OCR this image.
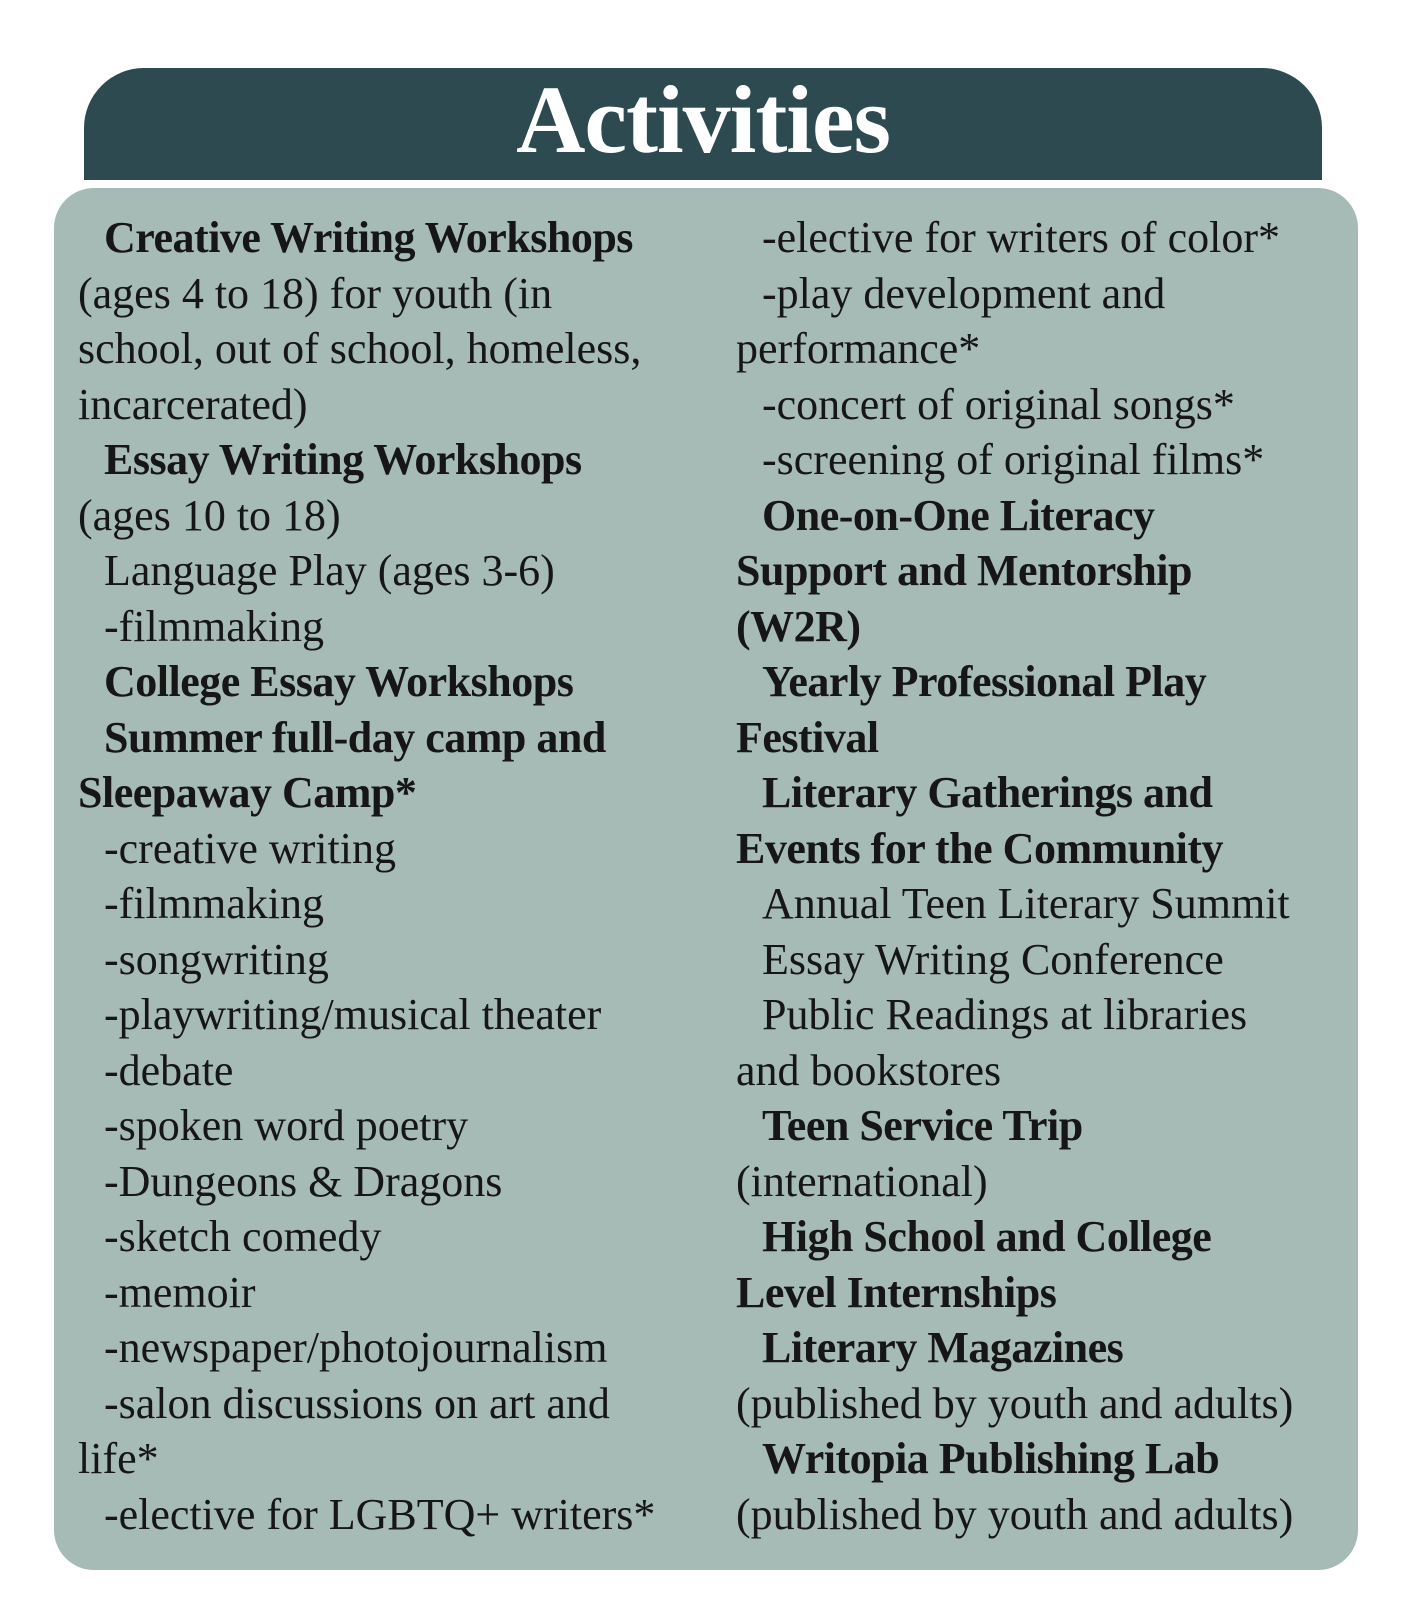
Activities
Creative Writing Workshops
(ages 4 to 18) for youth (in
school, out of school, homeless,
incarcerated)
Essay Writing Workshops
(ages 10 to 18)
Language Play (ages 3-6)
-filmmaking
College Essay Workshops
Summer full-day camp and
Sleepaway Camp*
-creative writing
-filmmaking
-songwriting
-playwriting/musical theater
-debate
-spoken word poetry
-Dungeons & Dragons
-sketch comedy
-memoir
-newspaper/photojournalism
-salon discussions on art and
life*
-elective for LGBTQ+ writers*
-elective for writers of color*
-play development and
performance*
-concert of original songs*
-screening of original films*
One-on-One Literacy
Support and Mentorship
(W2R)
Yearly Professional Play
Festival
Literary Gatherings and
Events for the Community
Annual Teen Literary Summit
Essay Writing Conference
Public Readings at libraries
and bookstores
Teen Service Trip
(international)
High School and College
Level Internships
Literary Magazines
(published by youth and adults)
Writopia Publishing Lab
(published by youth and adults)
